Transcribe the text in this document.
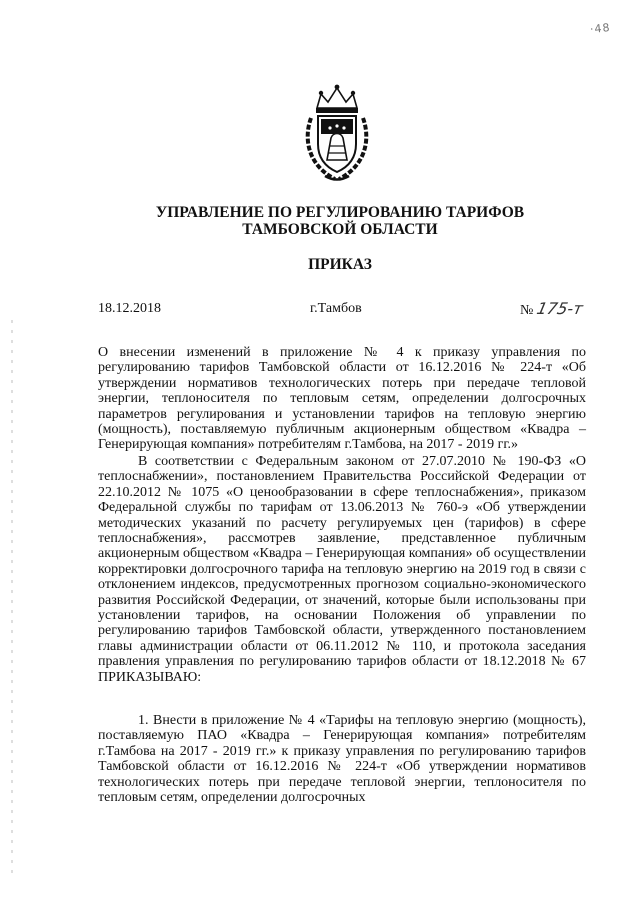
·48
УПРАВЛЕНИЕ ПО РЕГУЛИРОВАНИЮ ТАРИФОВ
ТАМБОВСКОЙ ОБЛАСТИ
ПРИКАЗ
18.12.2018	г.Тамбов	№ 175-т

О внесении изменений в приложение № 4 к приказу управления по регулированию тарифов Тамбовской области от 16.12.2016 № 224-т «Об утверждении нормативов технологических потерь при передаче тепловой энергии, теплоносителя по тепловым сетям, определении долгосрочных параметров регулирования и установлении тарифов на тепловую энергию (мощность), поставляемую публичным акционерным обществом «Квадра – Генерирующая компания» потребителям г.Тамбова, на 2017 - 2019 гг.»

В соответствии с Федеральным законом от 27.07.2010 № 190-ФЗ «О теплоснабжении», постановлением Правительства Российской Федерации от 22.10.2012 № 1075 «О ценообразовании в сфере теплоснабжения», приказом Федеральной службы по тарифам от 13.06.2013 № 760-э «Об утверждении методических указаний по расчету регулируемых цен (тарифов) в сфере теплоснабжения», рассмотрев заявление, представленное публичным акционерным обществом «Квадра – Генерирующая компания» об осуществлении корректировки долгосрочного тарифа на тепловую энергию на 2019 год в связи с отклонением индексов, предусмотренных прогнозом социально-экономического развития Российской Федерации, от значений, которые были использованы при установлении тарифов, на основании Положения об управлении по регулированию тарифов Тамбовской области, утвержденного постановлением главы администрации области от 06.11.2012 № 110, и протокола заседания правления управления по регулированию тарифов области от 18.12.2018 № 67 ПРИКАЗЫВАЮ:

1. Внести в приложение № 4 «Тарифы на тепловую энергию (мощность), поставляемую ПАО «Квадра – Генерирующая компания» потребителям г.Тамбова на 2017 - 2019 гг.» к приказу управления по регулированию тарифов Тамбовской области от 16.12.2016 № 224-т «Об утверждении нормативов технологических потерь при передаче тепловой энергии, теплоносителя по тепловым сетям, определении долгосрочных
